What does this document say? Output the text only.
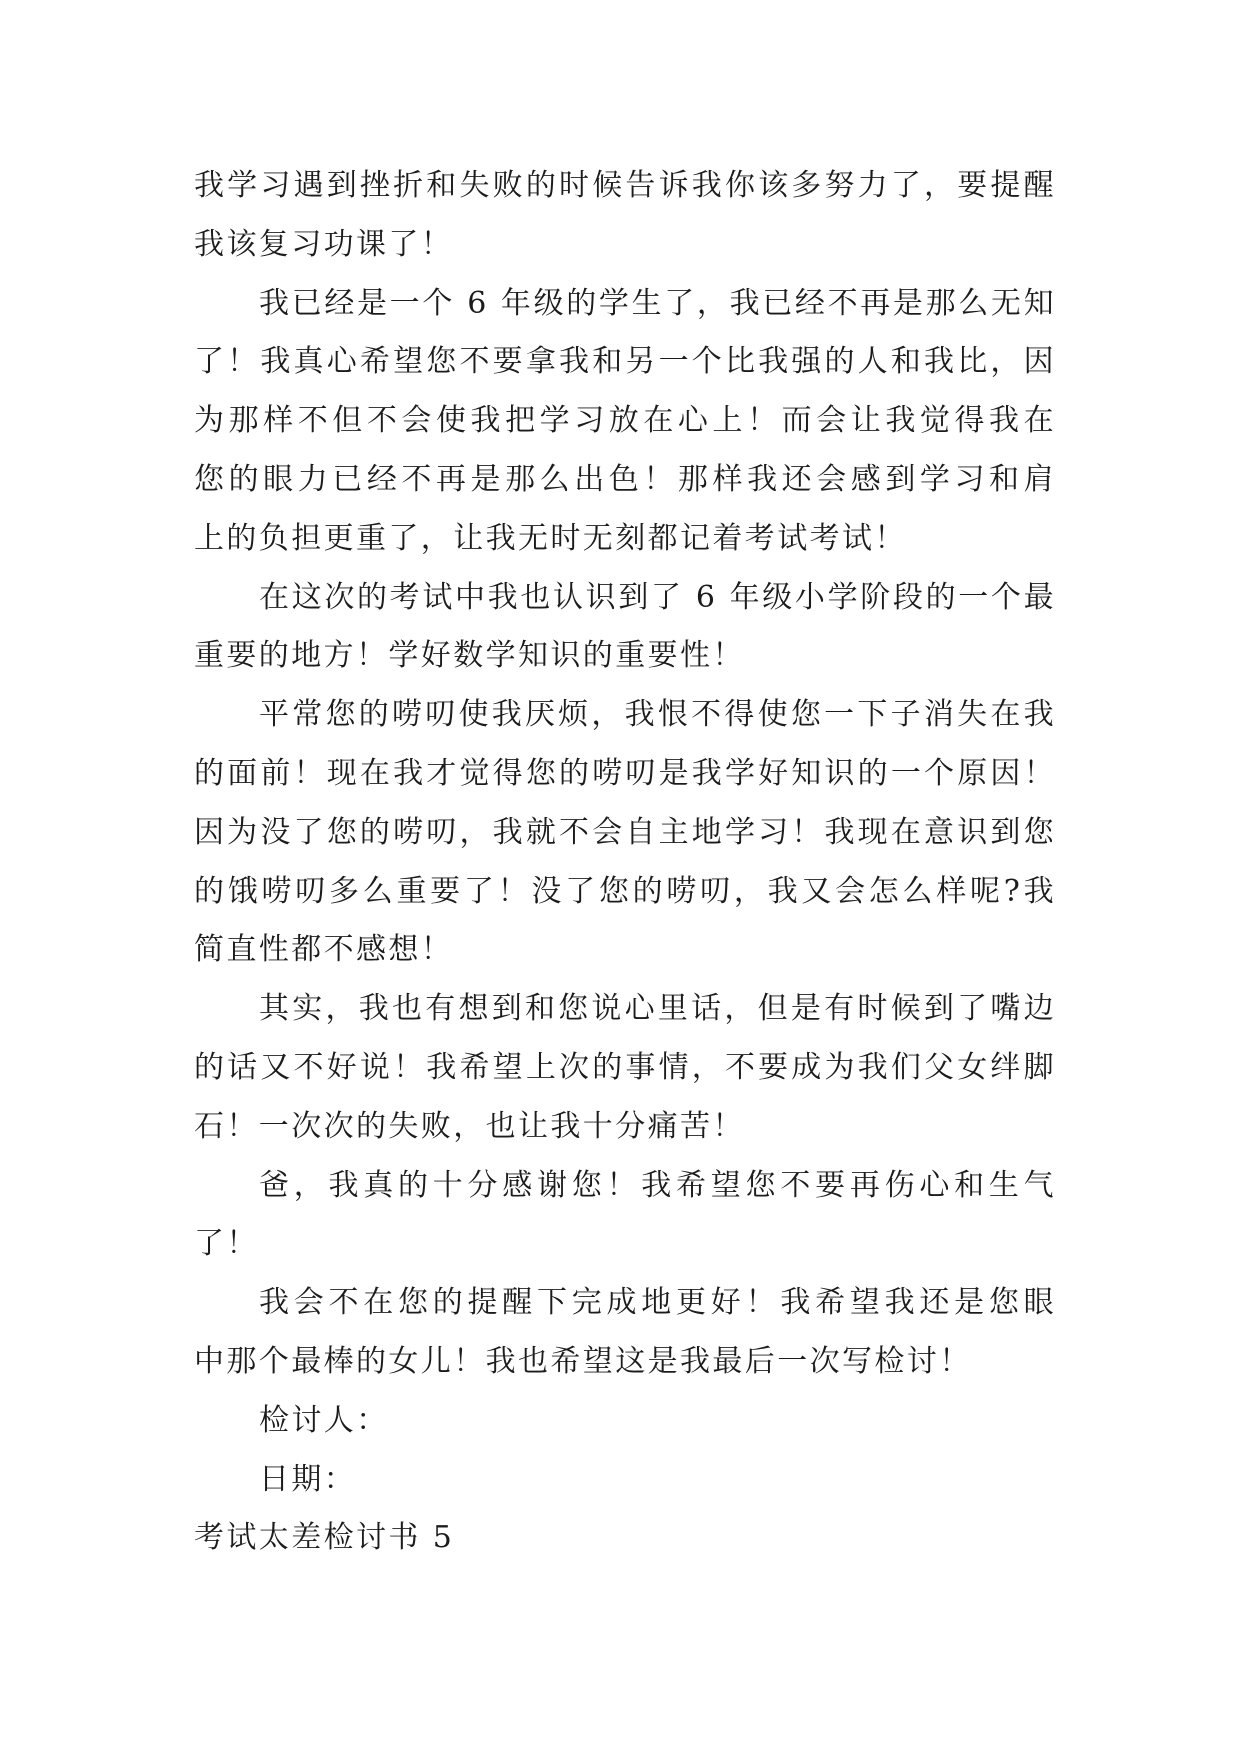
我学习遇到挫折和失败的时候告诉我你该多努力了，要提醒
我该复习功课了！
我已经是一个 6 年级的学生了，我已经不再是那么无知
了！我真心希望您不要拿我和另一个比我强的人和我比，因
为那样不但不会使我把学习放在心上！而会让我觉得我在
您的眼力已经不再是那么出色！那样我还会感到学习和肩
上的负担更重了，让我无时无刻都记着考试考试！
在这次的考试中我也认识到了 6 年级小学阶段的一个最
重要的地方！学好数学知识的重要性！
平常您的唠叨使我厌烦，我恨不得使您一下子消失在我
的面前！现在我才觉得您的唠叨是我学好知识的一个原因！
因为没了您的唠叨，我就不会自主地学习！我现在意识到您
的饿唠叨多么重要了！没了您的唠叨，我又会怎么样呢?我
简直性都不感想！
其实，我也有想到和您说心里话，但是有时候到了嘴边
的话又不好说！我希望上次的事情，不要成为我们父女绊脚
石！一次次的失败，也让我十分痛苦！
爸，我真的十分感谢您！我希望您不要再伤心和生气
了！
我会不在您的提醒下完成地更好！我希望我还是您眼
中那个最棒的女儿！我也希望这是我最后一次写检讨！
检讨人：
日期：
考试太差检讨书 5
